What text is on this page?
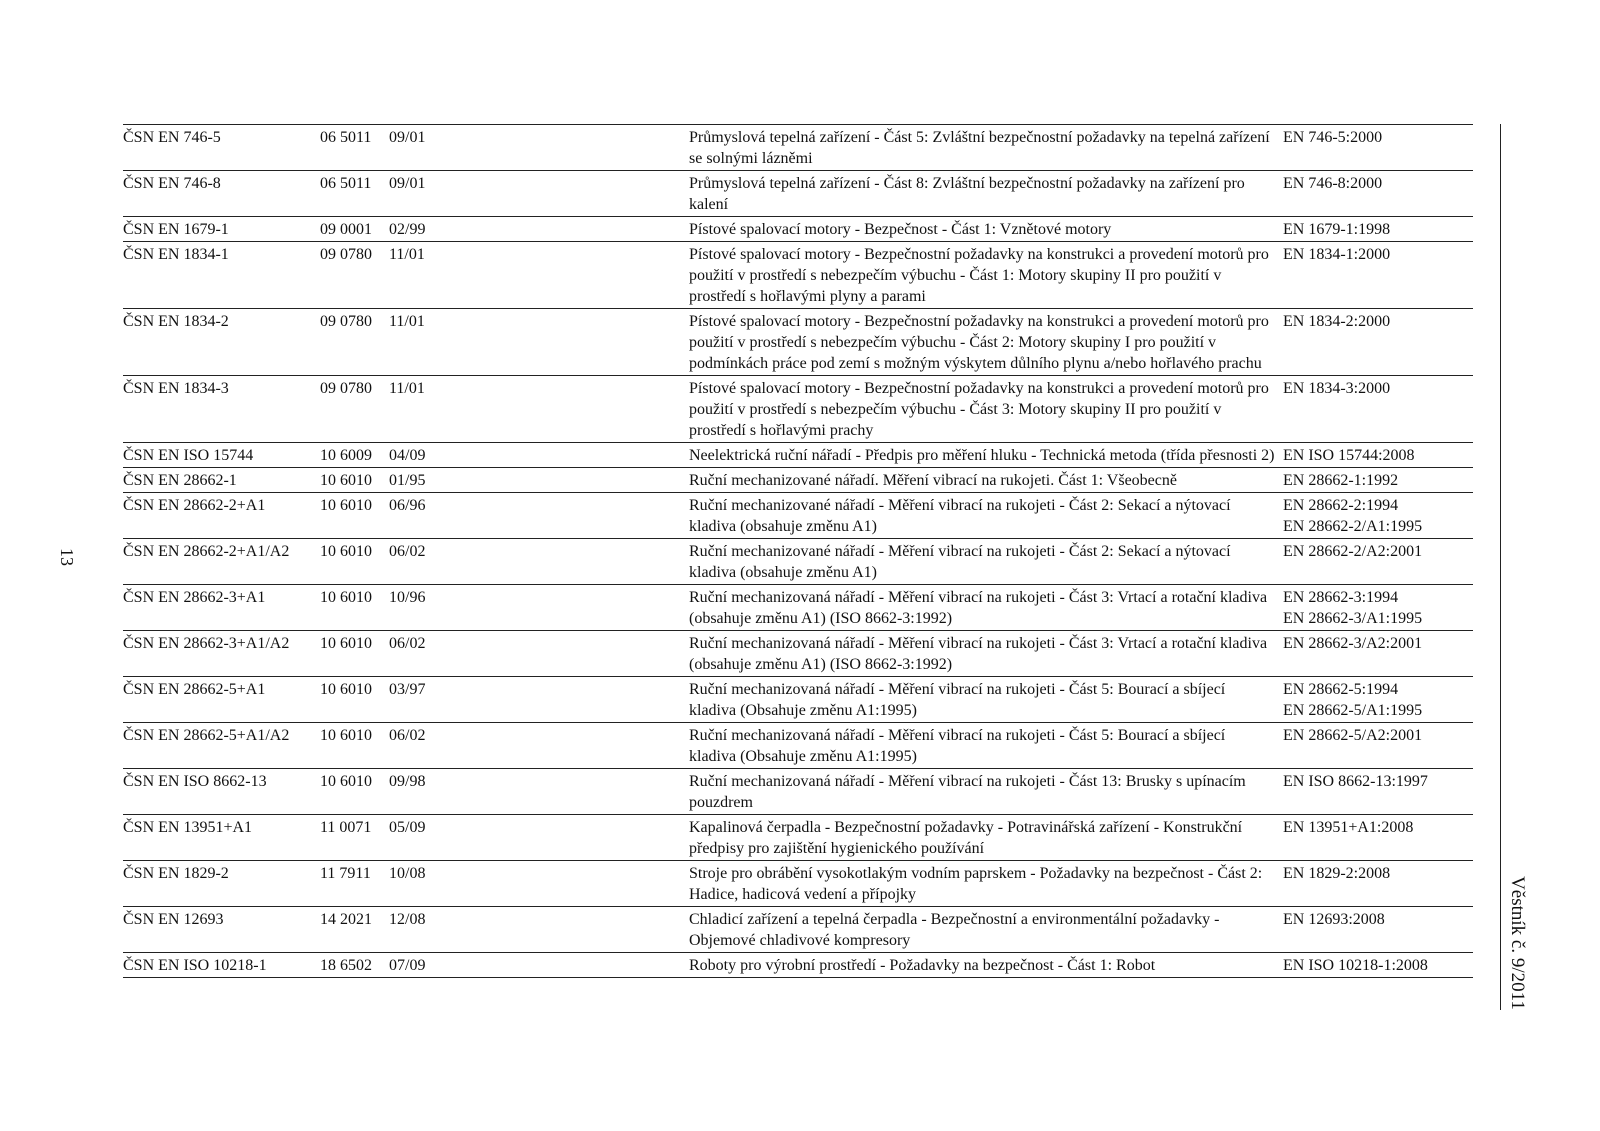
13
ČSN EN 746-5	06 5011	09/01	Průmyslová tepelná zařízení - Část 5: Zvláštní bezpečnostní požadavky na tepelná zařízení se solnými lázněmi	EN 746-5:2000

ČSN EN 746-8	06 5011	09/01	Průmyslová tepelná zařízení - Část 8: Zvláštní bezpečnostní požadavky na zařízení pro kalení	EN 746-8:2000

ČSN EN 1679-1	09 0001	02/99	Pístové spalovací motory - Bezpečnost - Část 1: Vznětové motory	EN 1679-1:1998

ČSN EN 1834-1	09 0780	11/01	Pístové spalovací motory - Bezpečnostní požadavky na konstrukci a provedení motorů pro použití v prostředí s nebezpečím výbuchu - Část 1: Motory skupiny II pro použití v prostředí s hořlavými plyny a parami	EN 1834-1:2000

ČSN EN 1834-2	09 0780	11/01	Pístové spalovací motory - Bezpečnostní požadavky na konstrukci a provedení motorů pro použití v prostředí s nebezpečím výbuchu - Část 2: Motory skupiny I pro použití v podmínkách práce pod zemí s možným výskytem důlního plynu a/nebo hořlavého prachu	EN 1834-2:2000

ČSN EN 1834-3	09 0780	11/01	Pístové spalovací motory - Bezpečnostní požadavky na konstrukci a provedení motorů pro použití v prostředí s nebezpečím výbuchu - Část 3: Motory skupiny II pro použití v prostředí s hořlavými prachy	EN 1834-3:2000

ČSN EN ISO 15744	10 6009	04/09	Neelektrická ruční nářadí - Předpis pro měření hluku - Technická metoda (třída přesnosti 2)	EN ISO 15744:2008

ČSN EN 28662-1	10 6010	01/95	Ruční mechanizované nářadí. Měření vibrací na rukojeti. Část 1: Všeobecně	EN 28662-1:1992

ČSN EN 28662-2+A1	10 6010	06/96	Ruční mechanizované nářadí - Měření vibrací na rukojeti - Část 2: Sekací a nýtovací kladiva (obsahuje změnu A1)	EN 28662-2:1994
EN 28662-2/A1:1995

ČSN EN 28662-2+A1/A2	10 6010	06/02	Ruční mechanizované nářadí - Měření vibrací na rukojeti - Část 2: Sekací a nýtovací kladiva (obsahuje změnu A1)	EN 28662-2/A2:2001

ČSN EN 28662-3+A1	10 6010	10/96	Ruční mechanizovaná nářadí - Měření vibrací na rukojeti - Část 3: Vrtací a rotační kladiva (obsahuje změnu A1) (ISO 8662-3:1992)	EN 28662-3:1994
EN 28662-3/A1:1995

ČSN EN 28662-3+A1/A2	10 6010	06/02	Ruční mechanizovaná nářadí - Měření vibrací na rukojeti - Část 3: Vrtací a rotační kladiva (obsahuje změnu A1) (ISO 8662-3:1992)	EN 28662-3/A2:2001

ČSN EN 28662-5+A1	10 6010	03/97	Ruční mechanizovaná nářadí - Měření vibrací na rukojeti - Část 5: Bourací a sbíjecí kladiva (Obsahuje změnu A1:1995)	EN 28662-5:1994
EN 28662-5/A1:1995

ČSN EN 28662-5+A1/A2	10 6010	06/02	Ruční mechanizovaná nářadí - Měření vibrací na rukojeti - Část 5: Bourací a sbíjecí kladiva (Obsahuje změnu A1:1995)	EN 28662-5/A2:2001

ČSN EN ISO 8662-13	10 6010	09/98	Ruční mechanizovaná nářadí - Měření vibrací na rukojeti - Část 13: Brusky s upínacím pouzdrem	EN ISO 8662-13:1997

ČSN EN 13951+A1	11 0071	05/09	Kapalinová čerpadla - Bezpečnostní požadavky - Potravinářská zařízení - Konstrukční předpisy pro zajištění hygienického používání	EN 13951+A1:2008

ČSN EN 1829-2	11 7911	10/08	Stroje pro obrábění vysokotlakým vodním paprskem - Požadavky na bezpečnost - Část 2: Hadice, hadicová vedení a přípojky	EN 1829-2:2008

ČSN EN 12693	14 2021	12/08	Chladicí zařízení a tepelná čerpadla - Bezpečnostní a environmentální požadavky - Objemové chladivové kompresory	EN 12693:2008

ČSN EN ISO 10218-1	18 6502	07/09	Roboty pro výrobní prostředí - Požadavky na bezpečnost - Část 1: Robot	EN ISO 10218-1:2008	Věstník č. 9/2011
